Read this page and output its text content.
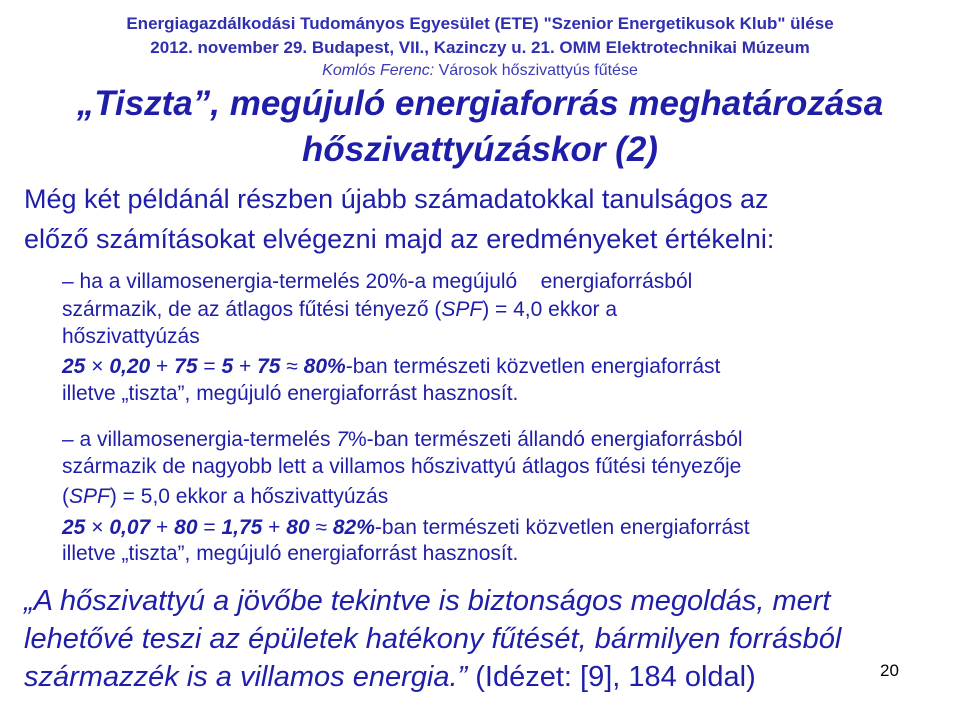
Energiagazdálkodási Tudományos Egyesület (ETE) "Szenior Energetikusok Klub" ülése
2012. november 29. Budapest, VII., Kazinczy u. 21. OMM Elektrotechnikai Múzeum
Komlós Ferenc: Városok hőszivattyús fűtése
„Tiszta”, megújuló energiaforrás meghatározása
hőszivattyúzáskor (2)
Még két példánál részben újabb számadatokkal tanulságos az
előző számításokat elvégezni majd az eredményeket értékelni:
– ha a villamosenergia-termelés 20%-a megújuló energiaforrásból
származik, de az átlagos fűtési tényező (SPF) = 4,0 ekkor a
hőszivattyúzás
25 × 0,20 + 75 = 5 + 75 ≈ 80%-ban természeti közvetlen energiaforrást
illetve „tiszta”, megújuló energiaforrást hasznosít.
– a villamosenergia-termelés 7%-ban természeti állandó energiaforrásból
származik de nagyobb lett a villamos hőszivattyú átlagos fűtési tényezője
(SPF) = 5,0 ekkor a hőszivattyúzás
25 × 0,07 + 80 = 1,75 + 80 ≈ 82%-ban természeti közvetlen energiaforrást
illetve „tiszta”, megújuló energiaforrást hasznosít.
„A hőszivattyú a jövőbe tekintve is biztonságos megoldás, mert
lehetővé teszi az épületek hatékony fűtését, bármilyen forrásból
származzék is a villamos energia.” (Idézet: [9], 184 oldal)	20
